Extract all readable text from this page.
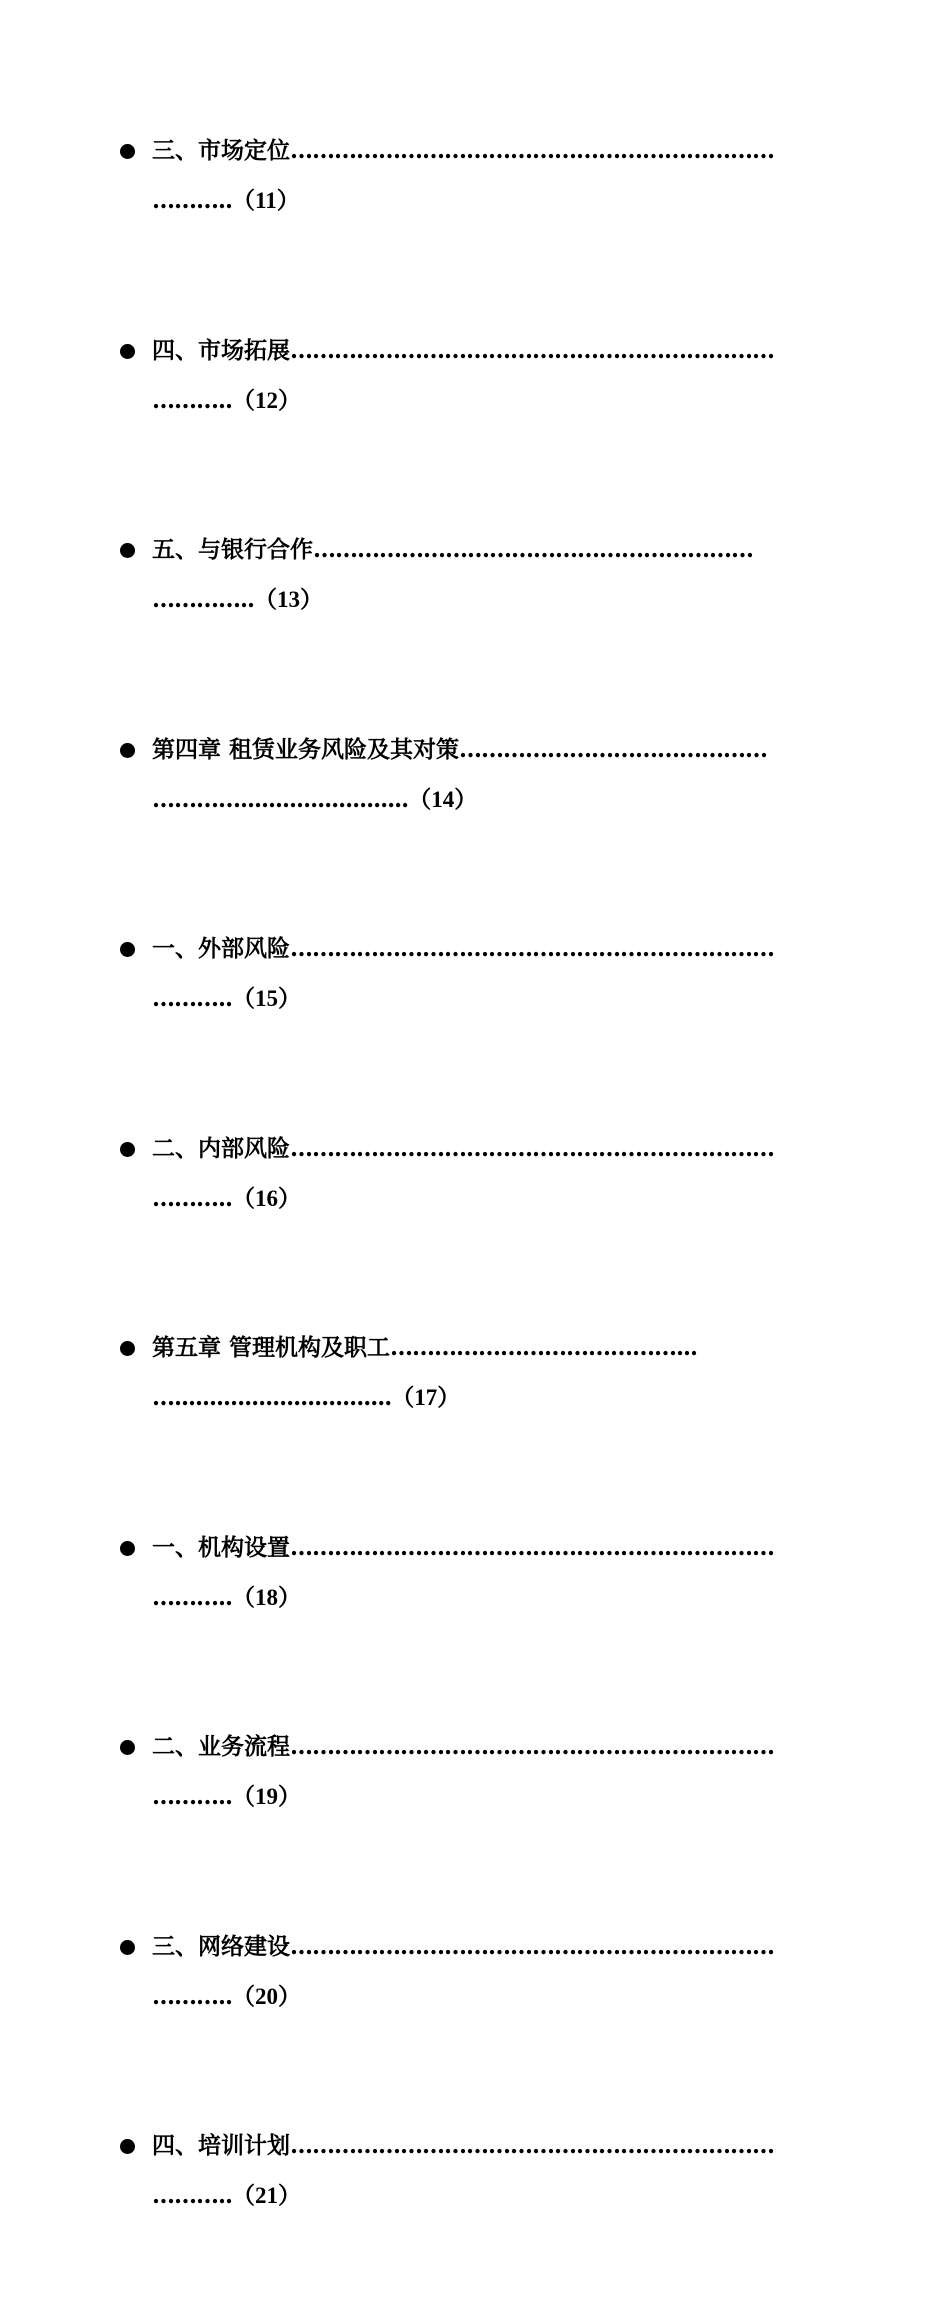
三、市场定位…………………………………………………………
………..（11）
四、市场拓展…………………………………………………………
………..（12）
五、与银行合作……………………………………………………
…………..（13）
第四章 租赁业务风险及其对策……………………………………
…………........................（14）
一、外部风险…………………………………………………………
………..（15）
二、内部风险…………………………………………………………
………..（16）
第五章 管理机构及职工…………………………………...
…...............................（17）
一、机构设置…………………………………………………………
………..（18）
二、业务流程…………………………………………………………
………..（19）
三、网络建设…………………………………………………………
………..（20）
四、培训计划…………………………………………………………
………..（21）
